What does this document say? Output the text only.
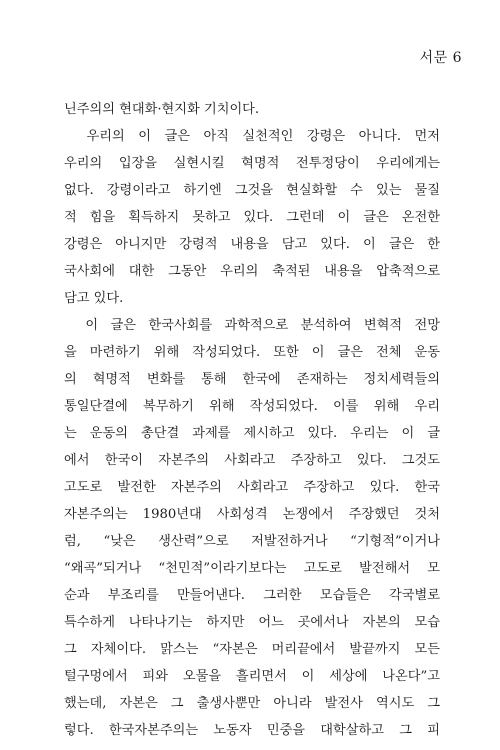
서문 6
닌주의의 현대화·현지화 기치이다.
　우리의 이 글은 아직 실천적인 강령은 아니다. 먼저
우리의 입장을 실현시킬 혁명적 전투정당이 우리에게는
없다. 강령이라고 하기엔 그것을 현실화할 수 있는 물질
적 힘을 획득하지 못하고 있다. 그런데 이 글은 온전한
강령은 아니지만 강령적 내용을 담고 있다. 이 글은 한
국사회에 대한 그동안 우리의 축적된 내용을 압축적으로
담고 있다.
　이 글은 한국사회를 과학적으로 분석하여 변혁적 전망
을 마련하기 위해 작성되었다. 또한 이 글은 전체 운동
의 혁명적 변화를 통해 한국에 존재하는 정치세력들의
통일단결에 복무하기 위해 작성되었다. 이를 위해 우리
는 운동의 총단결 과제를 제시하고 있다. 우리는 이 글
에서 한국이 자본주의 사회라고 주장하고 있다. 그것도
고도로 발전한 자본주의 사회라고 주장하고 있다. 한국
자본주의는 1980년대 사회성격 논쟁에서 주장했던 것처
럼, “낮은 생산력”으로 저발전하거나 “기형적”이거나
“왜곡”되거나 “천민적”이라기보다는 고도로 발전해서 모
순과 부조리를 만들어낸다. 그러한 모습들은 각국별로
특수하게 나타나기는 하지만 어느 곳에서나 자본의 모습
그 자체이다. 맑스는 “자본은 머리끝에서 발끝까지 모든
털구멍에서 피와 오물을 흘리면서 이 세상에 나온다”고
했는데, 자본은 그 출생사뿐만 아니라 발전사 역시도 그
렇다. 한국자본주의는 노동자 민중을 대학살하고 그 피
